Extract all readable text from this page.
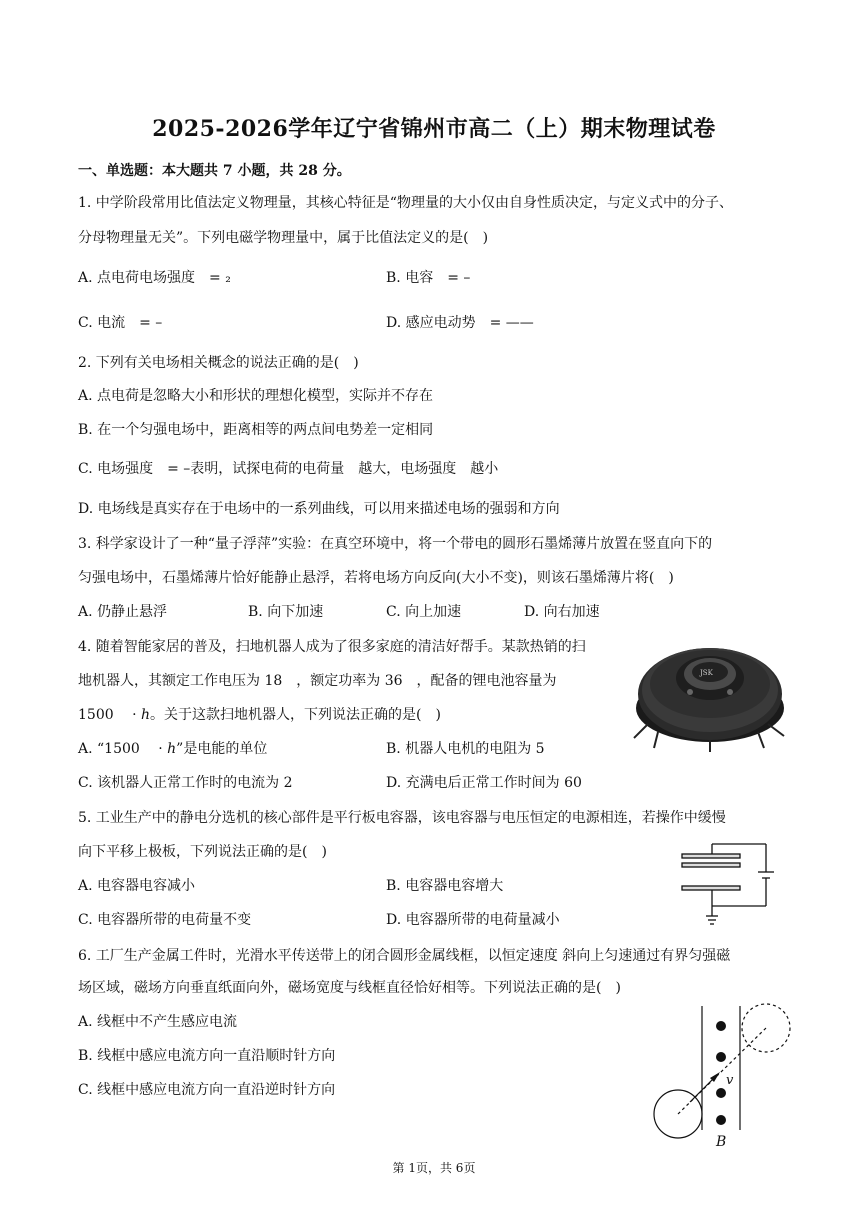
2025-2026学年辽宁省锦州市高二（上）期末物理试卷
一、单选题：本大题共 7 小题，共 28 分。
1. 中学阶段常用比值法定义物理量，其核心特征是“物理量的大小仅由自身性质决定，与定义式中的分子、
分母物理量无关”。下列电磁学物理量中，属于比值法定义的是(　)
A. 点电荷电场强度　= ₂	B. 电容　= –
C. 电流　= –	D. 感应电动势　= ——
2. 下列有关电场相关概念的说法正确的是(　)
A. 点电荷是忽略大小和形状的理想化模型，实际并不存在
B. 在一个匀强电场中，距离相等的两点间电势差一定相同
C. 电场强度　= –表明，试探电荷的电荷量　越大，电场强度　越小
D. 电场线是真实存在于电场中的一系列曲线，可以用来描述电场的强弱和方向
3. 科学家设计了一种“量子浮萍”实验：在真空环境中，将一个带电的圆形石墨烯薄片放置在竖直向下的
匀强电场中，石墨烯薄片恰好能静止悬浮，若将电场方向反向(大小不变)，则该石墨烯薄片将(　)
A. 仍静止悬浮	B. 向下加速	C. 向上加速	D. 向右加速
4. 随着智能家居的普及，扫地机器人成为了很多家庭的清洁好帮手。某款热销的扫
地机器人，其额定工作电压为 18　，额定功率为 36　，配备的锂电池容量为
1500　 · ℎ。关于这款扫地机器人，下列说法正确的是(　)
A. “1500　 · ℎ”是电能的单位	B. 机器人电机的电阻为 5
C. 该机器人正常工作时的电流为 2	D. 充满电后正常工作时间为 60
JSK
5. 工业生产中的静电分选机的核心部件是平行板电容器，该电容器与电压恒定的电源相连，若操作中缓慢
向下平移上极板，下列说法正确的是(　)
A. 电容器电容减小	B. 电容器电容增大
C. 电容器所带的电荷量不变	D. 电容器所带的电荷量减小
6. 工厂生产金属工件时，光滑水平传送带上的闭合圆形金属线框，以恒定速度 斜向上匀速通过有界匀强磁
场区域，磁场方向垂直纸面向外，磁场宽度与线框直径恰好相等。下列说法正确的是(　)
A. 线框中不产生感应电流
B. 线框中感应电流方向一直沿顺时针方向
C. 线框中感应电流方向一直沿逆时针方向
v
B
第 1页，共 6页
